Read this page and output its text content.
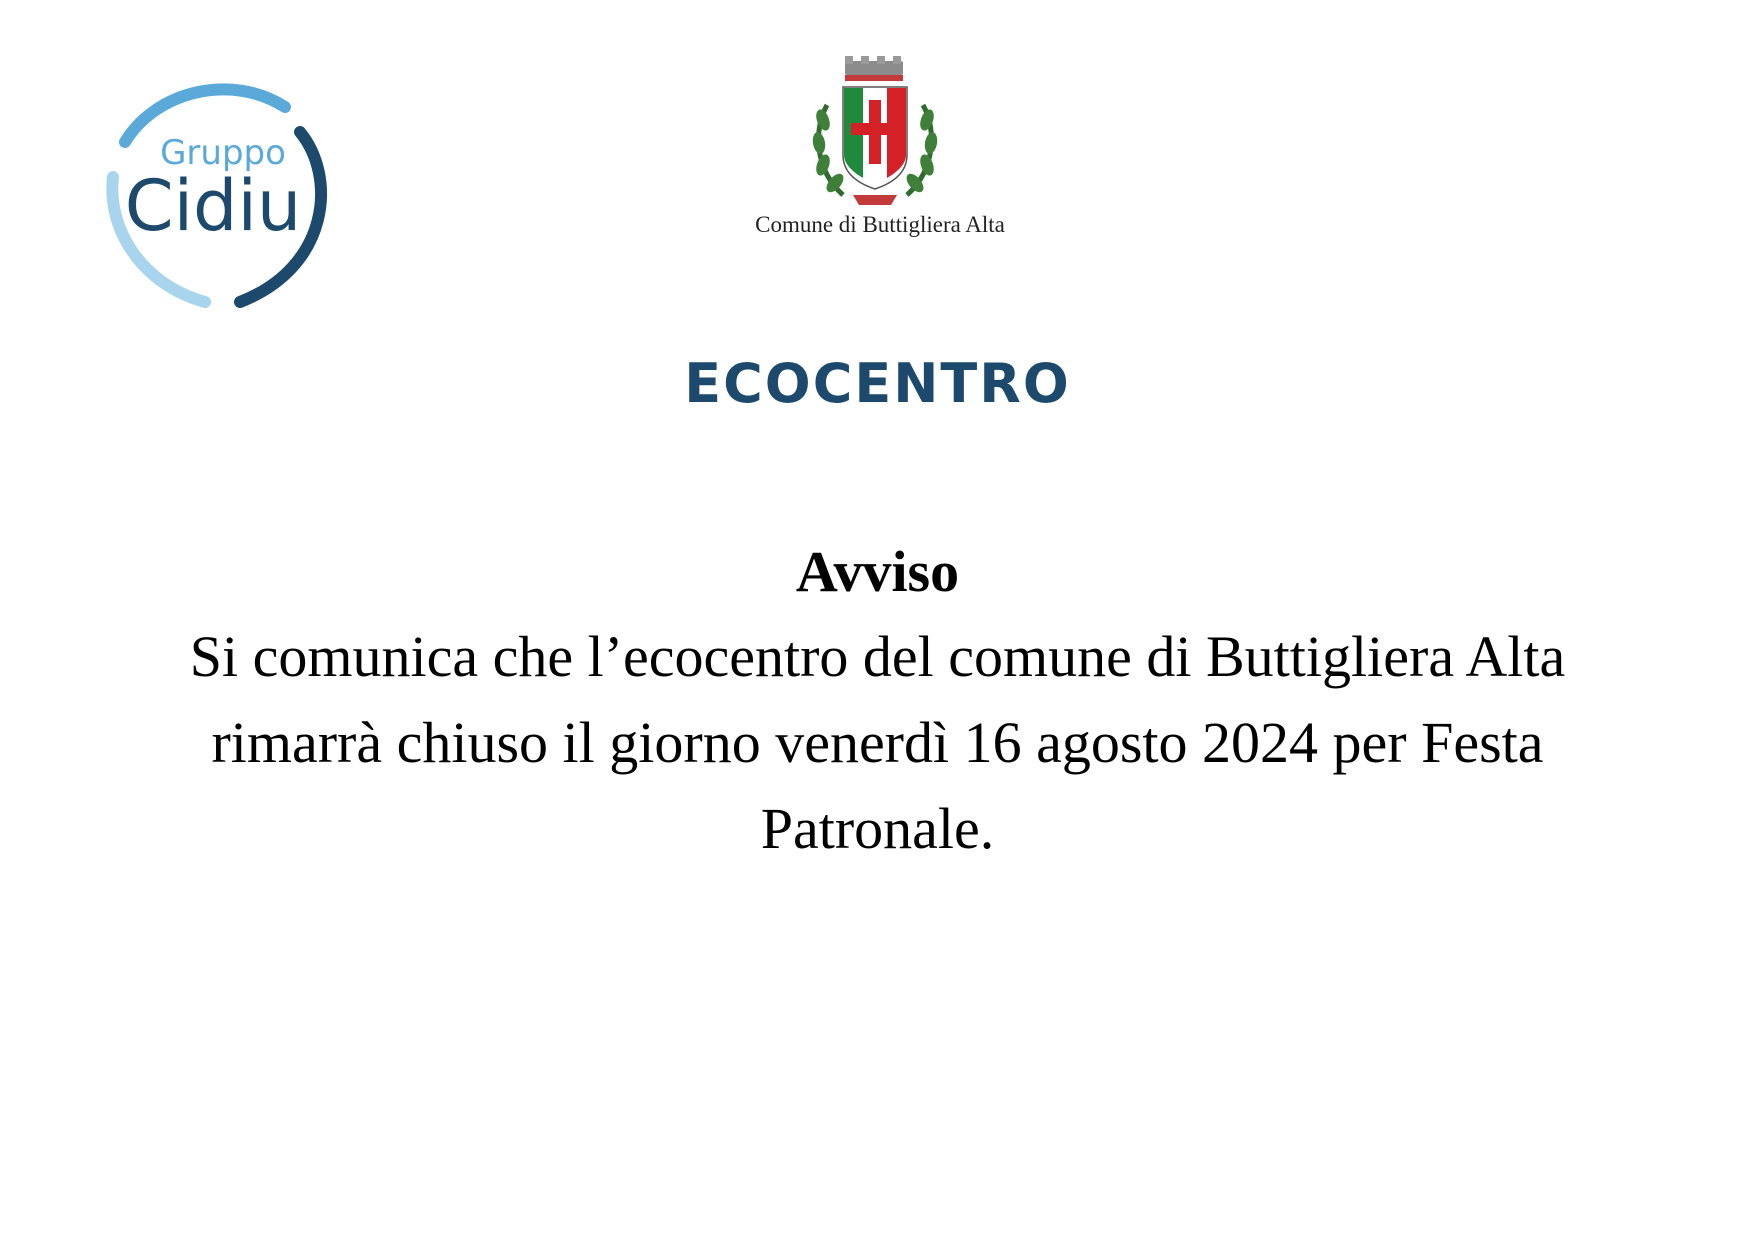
Gruppo
Cidiu	Comune di Buttigliera Alta
ECOCENTRO
Avviso
Si comunica che l’ecocentro del comune di Buttigliera Alta
rimarrà chiuso il giorno venerdì 16 agosto 2024 per Festa
Patronale.
